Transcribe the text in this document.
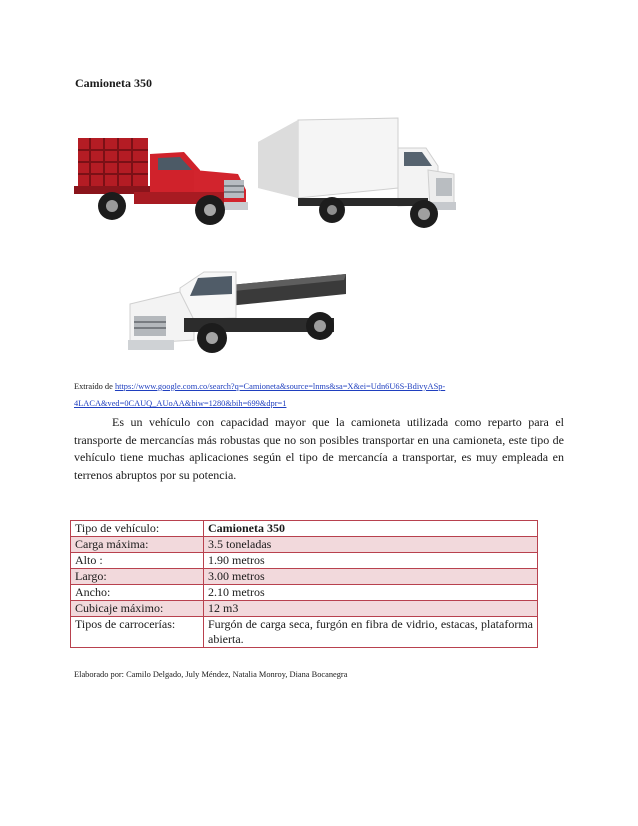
Camioneta 350
Extraído de https://www.google.com.co/search?q=Camioneta&source=lnms&sa=X&ei=Udn6U6S-BdivyASp-
4LACA&ved=0CAUQ_AUoAA&biw=1280&bih=699&dpr=1

Es un vehículo con capacidad mayor que la camioneta utilizada como reparto para el transporte de mercancías más robustas que no son posibles transportar en una camioneta, este tipo de vehículo tiene muchas aplicaciones según el tipo de mercancía a transportar, es muy empleada en terrenos abruptos por su potencia.

Tipo de vehículo:	Camioneta 350
Carga máxima:	3.5 toneladas
Alto :	1.90 metros
Largo:	3.00 metros
Ancho:	2.10 metros
Cubicaje máximo:	12 m3
Tipos de carrocerías:	Furgón de carga seca, furgón en fibra de vidrio, estacas, plataforma abierta.
Elaborado por: Camilo Delgado, July Méndez, Natalia Monroy, Diana Bocanegra
